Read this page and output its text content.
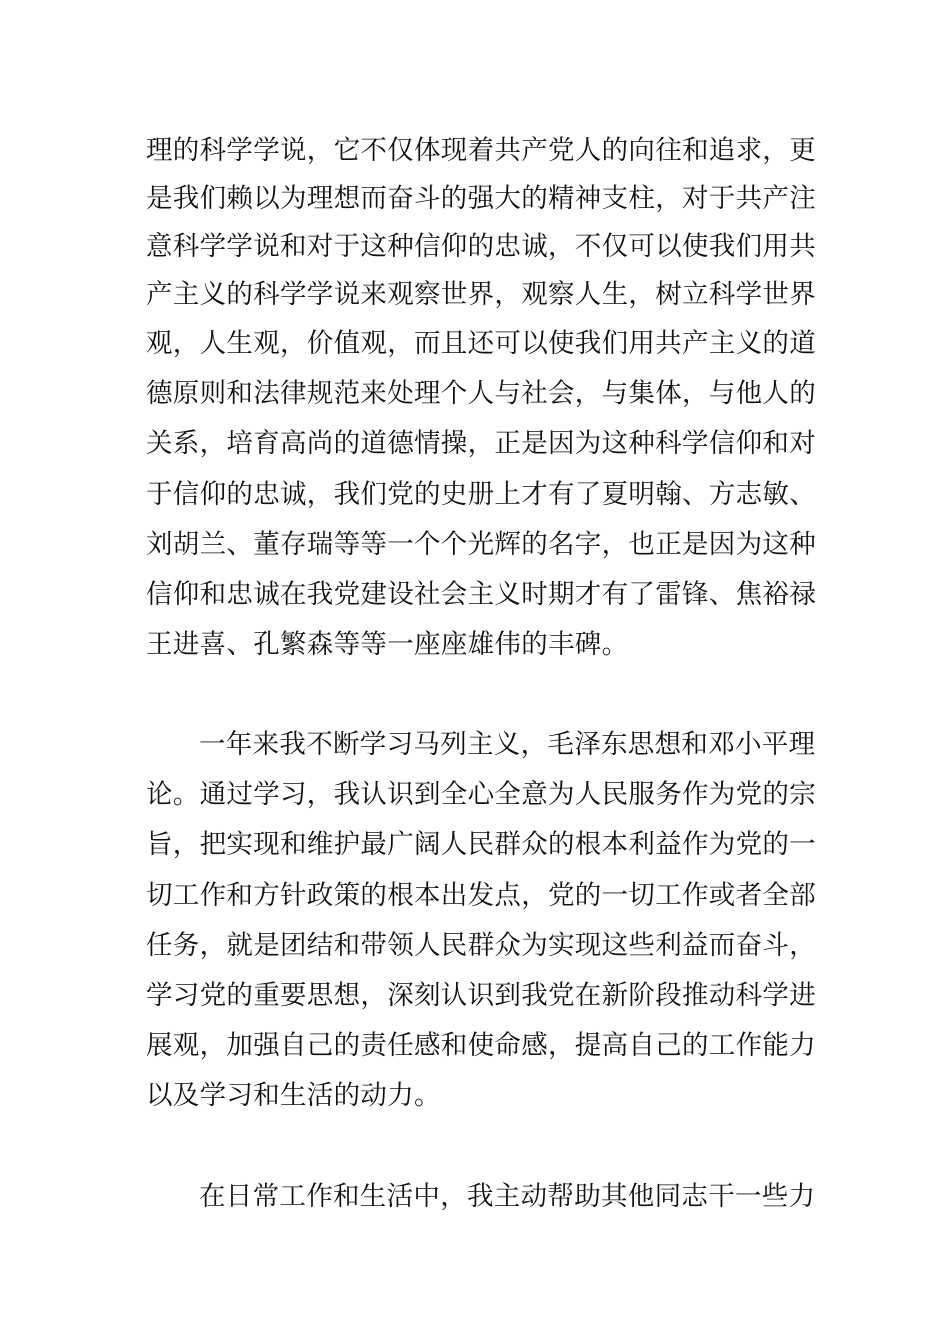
理的科学学说，它不仅体现着共产党人的向往和追求，更
是我们赖以为理想而奋斗的强大的精神支柱，对于共产注
意科学学说和对于这种信仰的忠诚，不仅可以使我们用共
产主义的科学学说来观察世界，观察人生，树立科学世界
观，人生观，价值观，而且还可以使我们用共产主义的道
德原则和法律规范来处理个人与社会，与集体，与他人的
关系，培育高尚的道德情操，正是因为这种科学信仰和对
于信仰的忠诚，我们党的史册上才有了夏明翰、方志敏、
刘胡兰、董存瑞等等一个个光辉的名字，也正是因为这种
信仰和忠诚在我党建设社会主义时期才有了雷锋、焦裕禄
王进喜、孔繁森等等一座座雄伟的丰碑。
一年来我不断学习马列主义，毛泽东思想和邓小平理
论。通过学习，我认识到全心全意为人民服务作为党的宗
旨，把实现和维护最广阔人民群众的根本利益作为党的一
切工作和方针政策的根本出发点，党的一切工作或者全部
任务，就是团结和带领人民群众为实现这些利益而奋斗，
学习党的重要思想，深刻认识到我党在新阶段推动科学进
展观，加强自己的责任感和使命感，提高自己的工作能力
以及学习和生活的动力。
在日常工作和生活中，我主动帮助其他同志干一些力
